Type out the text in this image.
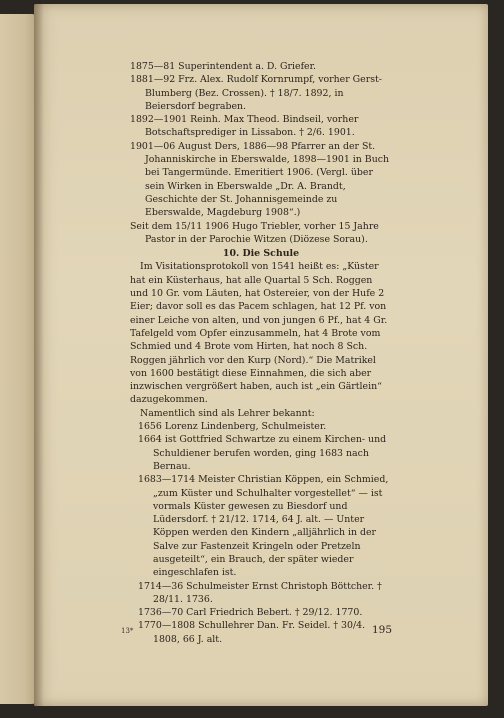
1875—81 Superintendent a. D. Griefer.

1881—92 Frz. Alex. Rudolf Kornrumpf, vorher Gerst-Blumberg (Bez. Crossen). † 18/7. 1892, in Beiersdorf begraben.

1892—1901 Reinh. Max Theod. Bindseil, vorher Botschaftsprediger in Lissabon. † 2/6. 1901.

1901—06 August Ders, 1886—98 Pfarrer an der St. Johanniskirche in Eberswalde, 1898—1901 in Buch bei Tangermünde. Emeritiert 1906. (Vergl. über sein Wirken in Eberswalde „Dr. A. Brandt, Geschichte der St. Johannisgemeinde zu Eberswalde, Magdeburg 1908“.)

Seit dem 15/11 1906 Hugo Triebler, vorher 15 Jahre Pastor in der Parochie Witzen (Diözese Sorau).

10. Die Schule

Im Visitationsprotokoll von 1541 heißt es: „Küster hat ein Küsterhaus, hat alle Quartal 5 Sch. Roggen und 10 Gr. vom Läuten, hat Ostereier, von der Hufe 2 Eier; davor soll es das Pacem schlagen, hat 12 Pf. von einer Leiche von alten, und von jungen 6 Pf., hat 4 Gr. Tafelgeld vom Opfer einzusammeln, hat 4 Brote vom Schmied und 4 Brote vom Hirten, hat noch 8 Sch. Roggen jährlich vor den Kurp (Nord).“ Die Matrikel von 1600 bestätigt diese Einnahmen, die sich aber inzwischen vergrößert haben, auch ist „ein Gärtlein“ dazugekommen.

Namentlich sind als Lehrer bekannt:

1656 Lorenz Lindenberg, Schulmeister.

1664 ist Gottfried Schwartze zu einem Kirchen- und Schuldiener berufen worden, ging 1683 nach Bernau.

1683—1714 Meister Christian Köppen, ein Schmied, „zum Küster und Schulhalter vorgestellet“ — ist vormals Küster gewesen zu Biesdorf und Lüdersdorf. † 21/12. 1714, 64 J. alt. — Unter Köppen werden den Kindern „alljährlich in der Salve zur Fastenzeit Kringeln oder Pretzeln ausgeteilt“, ein Brauch, der später wieder eingeschlafen ist.

1714—36 Schulmeister Ernst Christoph Böttcher. † 28/11. 1736.

1736—70 Carl Friedrich Bebert. † 29/12. 1770.

1770—1808 Schullehrer Dan. Fr. Seidel. † 30/4. 1808, 66 J. alt.

13*	195
